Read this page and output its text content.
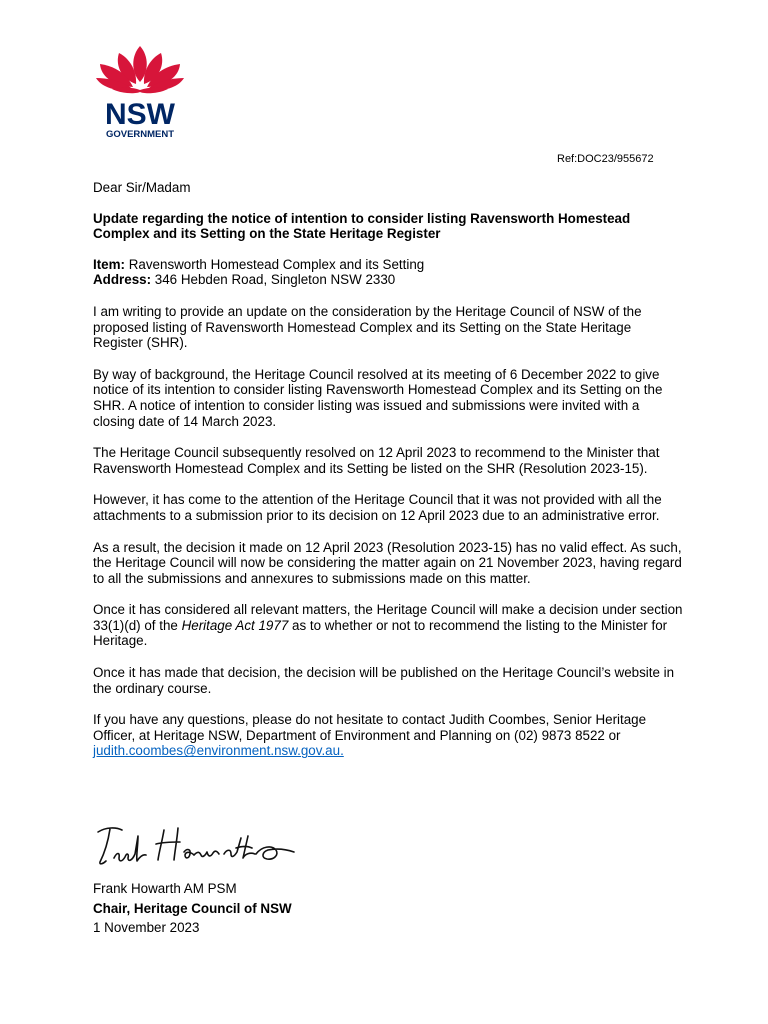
NSW
GOVERNMENT
Ref:DOC23/955672

Dear Sir/Madam

Update regarding the notice of intention to consider listing Ravensworth Homestead Complex and its Setting on the State Heritage Register

Item: Ravensworth Homestead Complex and its Setting

Address: 346 Hebden Road, Singleton NSW 2330

I am writing to provide an update on the consideration by the Heritage Council of NSW of the proposed listing of Ravensworth Homestead Complex and its Setting on the State Heritage Register (SHR).

By way of background, the Heritage Council resolved at its meeting of 6 December 2022 to give notice of its intention to consider listing Ravensworth Homestead Complex and its Setting on the SHR. A notice of intention to consider listing was issued and submissions were invited with a closing date of 14 March 2023.

The Heritage Council subsequently resolved on 12 April 2023 to recommend to the Minister that Ravensworth Homestead Complex and its Setting be listed on the SHR (Resolution 2023-15).

However, it has come to the attention of the Heritage Council that it was not provided with all the attachments to a submission prior to its decision on 12 April 2023 due to an administrative error.

As a result, the decision it made on 12 April 2023 (Resolution 2023-15) has no valid effect. As such, the Heritage Council will now be considering the matter again on 21 November 2023, having regard to all the submissions and annexures to submissions made on this matter.

Once it has considered all relevant matters, the Heritage Council will make a decision under section 33(1)(d) of the Heritage Act 1977 as to whether or not to recommend the listing to the Minister for Heritage.

Once it has made that decision, the decision will be published on the Heritage Council’s website in the ordinary course.

If you have any questions, please do not hesitate to contact Judith Coombes, Senior Heritage Officer, at Heritage NSW, Department of Environment and Planning on (02) 9873 8522 or judith.coombes@environment.nsw.gov.au.

Frank Howarth AM PSM
Chair, Heritage Council of NSW
1 November 2023
